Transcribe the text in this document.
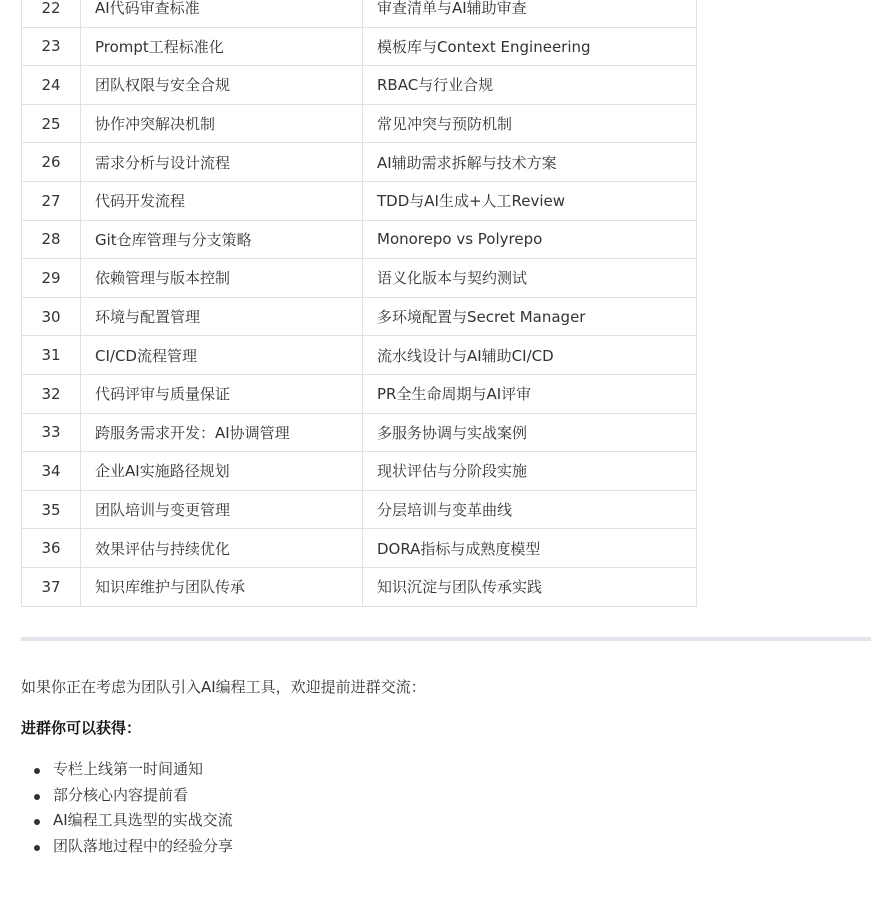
22	AI代码审查标准	审查清单与AI辅助审查
23	Prompt工程标准化	模板库与Context Engineering
24	团队权限与安全合规	RBAC与行业合规
25	协作冲突解决机制	常见冲突与预防机制
26	需求分析与设计流程	AI辅助需求拆解与技术方案
27	代码开发流程	TDD与AI生成+人工Review
28	Git仓库管理与分支策略	Monorepo vs Polyrepo
29	依赖管理与版本控制	语义化版本与契约测试
30	环境与配置管理	多环境配置与Secret Manager
31	CI/CD流程管理	流水线设计与AI辅助CI/CD
32	代码评审与质量保证	PR全生命周期与AI评审
33	跨服务需求开发：AI协调管理	多服务协调与实战案例
34	企业AI实施路径规划	现状评估与分阶段实施
35	团队培训与变更管理	分层培训与变革曲线
36	效果评估与持续优化	DORA指标与成熟度模型
37	知识库维护与团队传承	知识沉淀与团队传承实践
如果你正在考虑为团队引入AI编程工具，欢迎提前进群交流：
进群你可以获得：
专栏上线第一时间通知
部分核心内容提前看
AI编程工具选型的实战交流
团队落地过程中的经验分享
